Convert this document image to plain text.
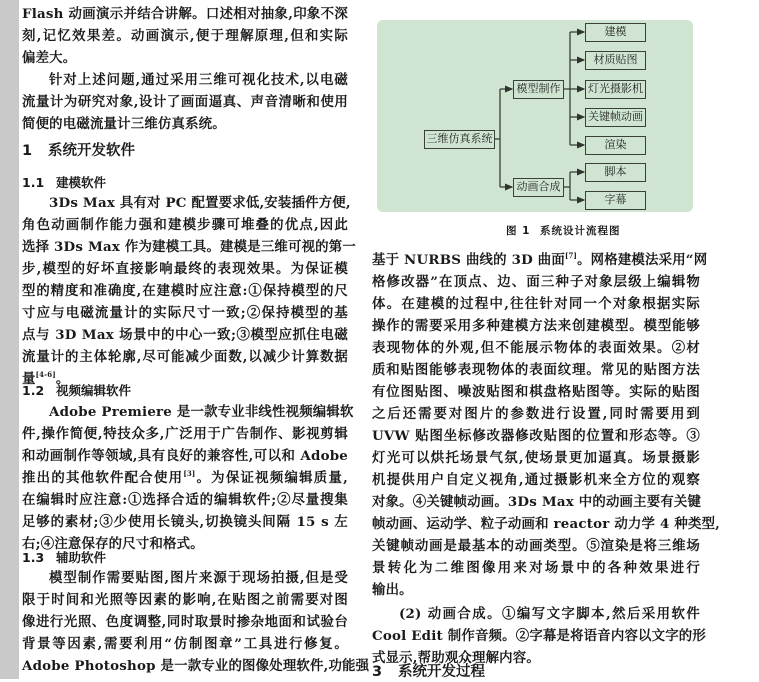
Flash 动画演示并结合讲解。口述相对抽象,印象不深
刻,记忆效果差。动画演示,便于理解原理,但和实际
偏差大。
针对上述问题,通过采用三维可视化技术,以电磁
流量计为研究对象,设计了画面逼真、声音清晰和使用
简便的电磁流量计三维仿真系统。
1 系统开发软件
1.1 建模软件
3Ds Max 具有对 PC 配置要求低,安装插件方便,
角色动画制作能力强和建模步骤可堆叠的优点,因此
选择 3Ds Max 作为建模工具。建模是三维可视的第一
步,模型的好坏直接影响最终的表现效果。为保证模
型的精度和准确度,在建模时应注意:①保持模型的尺
寸应与电磁流量计的实际尺寸一致;②保持模型的基
点与 3D Max 场景中的中心一致;③模型应抓住电磁
流量计的主体轮廓,尽可能减少面数,以减少计算数据
量[4-6]。
1.2 视频编辑软件
Adobe Premiere 是一款专业非线性视频编辑软
件,操作简便,特技众多,广泛用于广告制作、影视剪辑
和动画制作等领域,具有良好的兼容性,可以和 Adobe
推出的其他软件配合使用[3]。为保证视频编辑质量,
在编辑时应注意:①选择合适的编辑软件;②尽量搜集
足够的素材;③少使用长镜头,切换镜头间隔 15 s 左
右;④注意保存的尺寸和格式。
1.3 辅助软件
模型制作需要贴图,图片来源于现场拍摄,但是受
限于时间和光照等因素的影响,在贴图之前需要对图
像进行光照、色度调整,同时取景时掺杂地面和试验台
背景等因素,需要利用“仿制图章”工具进行修复。
Adobe Photoshop 是一款专业的图像处理软件,功能强
三维仿真系统
模型制作
动画合成
建模
材质贴图
灯光摄影机
关键帧动画
渲染
脚本
字幕
图 1 系统设计流程图
基于 NURBS 曲线的 3D 曲面[7]。网格建模法采用“网
格修改器”在顶点、边、面三种子对象层级上编辑物
体。在建模的过程中,往往针对同一个对象根据实际
操作的需要采用多种建模方法来创建模型。模型能够
表现物体的外观,但不能展示物体的表面效果。②材
质和贴图能够表现物体的表面纹理。常见的贴图方法
有位图贴图、噪波贴图和棋盘格贴图等。实际的贴图
之后还需要对图片的参数进行设置,同时需要用到
UVW 贴图坐标修改器修改贴图的位置和形态等。③
灯光可以烘托场景气氛,使场景更加逼真。场景摄影
机提供用户自定义视角,通过摄影机来全方位的观察
对象。④关键帧动画。3Ds Max 中的动画主要有关键
帧动画、运动学、粒子动画和 reactor 动力学 4 种类型,
关键帧动画是最基本的动画类型。⑤渲染是将三维场
景转化为二维图像用来对场景中的各种效果进行
输出。
(2) 动画合成。①编写文字脚本,然后采用软件
Cool Edit 制作音频。②字幕是将语音内容以文字的形
式显示,帮助观众理解内容。
3 系统开发过程
